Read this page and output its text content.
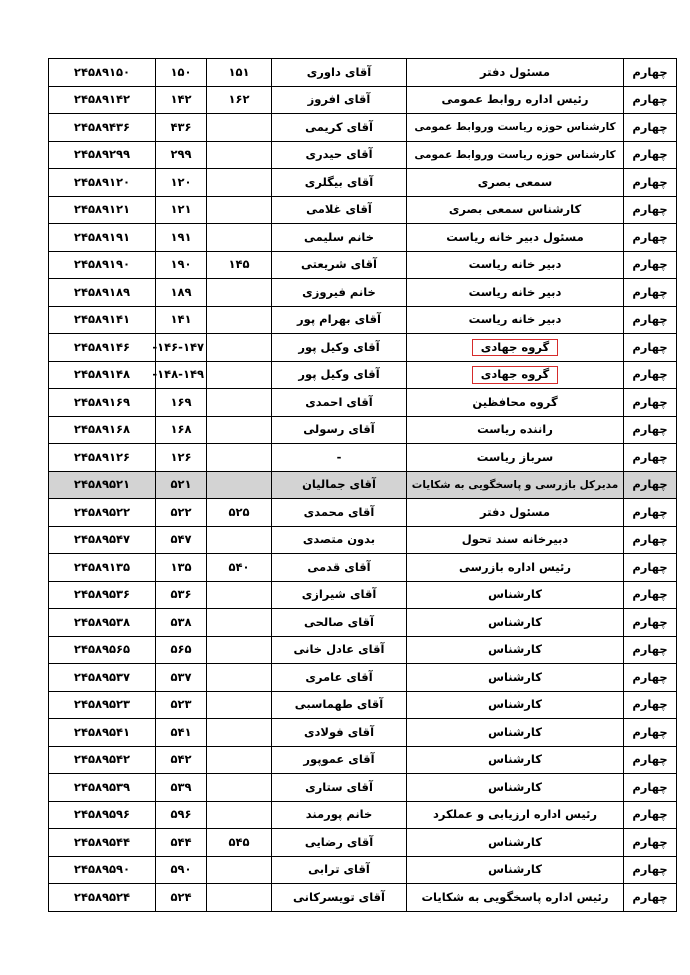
چهارم	مسئول دفتر	آقای داوری	۱۵۱	۱۵۰	۲۴۵۸۹۱۵۰
چهارم	رئیس اداره روابط عمومی	آقای افروز	۱۶۲	۱۴۲	۲۴۵۸۹۱۴۲
چهارم	کارشناس حوزه ریاست وروابط عمومی	آقای کریمی		۴۳۶	۲۴۵۸۹۴۳۶
چهارم	کارشناس حوزه ریاست وروابط عمومی	آقای حیدری		۲۹۹	۲۴۵۸۹۲۹۹
چهارم	سمعی بصری	آقای بیگلری		۱۲۰	۲۴۵۸۹۱۲۰
چهارم	کارشناس سمعی بصری	آقای غلامی		۱۲۱	۲۴۵۸۹۱۲۱
چهارم	مسئول دبیر خانه ریاست	خانم سلیمی		۱۹۱	۲۴۵۸۹۱۹۱
چهارم	دبیر خانه ریاست	آقای شریعتی	۱۴۵	۱۹۰	۲۴۵۸۹۱۹۰
چهارم	دبیر خانه ریاست	خانم فیروزی		۱۸۹	۲۴۵۸۹۱۸۹
چهارم	دبیر خانه ریاست	آقای بهرام پور		۱۴۱	۲۴۵۸۹۱۴۱
چهارم	گروه جهادی	آقای وکیل پور		۱۴۶-۱۴۷-	۲۴۵۸۹۱۴۶
چهارم	گروه جهادی	آقای وکیل پور		۱۴۸-۱۴۹-	۲۴۵۸۹۱۴۸
چهارم	گروه محافظین	آقای احمدی		۱۶۹	۲۴۵۸۹۱۶۹
چهارم	راننده ریاست	آقای رسولی		۱۶۸	۲۴۵۸۹۱۶۸
چهارم	سرباز ریاست	-		۱۲۶	۲۴۵۸۹۱۲۶
چهارم	مدیرکل بازرسی و پاسخگویی به شکایات	آقای جمالیان		۵۲۱	۲۴۵۸۹۵۲۱
چهارم	مسئول دفتر	آقای محمدی	۵۲۵	۵۲۲	۲۴۵۸۹۵۲۲
چهارم	دبیرخانه سند تحول	بدون متصدی		۵۴۷	۲۴۵۸۹۵۴۷
چهارم	رئیس اداره بازرسی	آقای قدمی	۵۴۰	۱۳۵	۲۴۵۸۹۱۳۵
چهارم	کارشناس	آقای شیرازی		۵۳۶	۲۴۵۸۹۵۳۶
چهارم	کارشناس	آقای صالحی		۵۳۸	۲۴۵۸۹۵۳۸
چهارم	کارشناس	آقای عادل خانی		۵۶۵	۲۴۵۸۹۵۶۵
چهارم	کارشناس	آقای عامری		۵۳۷	۲۴۵۸۹۵۳۷
چهارم	کارشناس	آقای طهماسبی		۵۲۳	۲۴۵۸۹۵۲۳
چهارم	کارشناس	آقای فولادی		۵۴۱	۲۴۵۸۹۵۴۱
چهارم	کارشناس	آقای عموپور		۵۴۲	۲۴۵۸۹۵۴۲
چهارم	کارشناس	آقای ستاری		۵۳۹	۲۴۵۸۹۵۳۹
چهارم	رئیس اداره ارزیابی و عملکرد	خانم پورمند		۵۹۶	۲۴۵۸۹۵۹۶
چهارم	کارشناس	آقای رضایی	۵۴۵	۵۴۴	۲۴۵۸۹۵۴۴
چهارم	کارشناس	آقای ترابی		۵۹۰	۲۴۵۸۹۵۹۰
چهارم	رئیس اداره پاسخگویی به شکایات	آقای تویسرکانی		۵۲۴	۲۴۵۸۹۵۲۴
